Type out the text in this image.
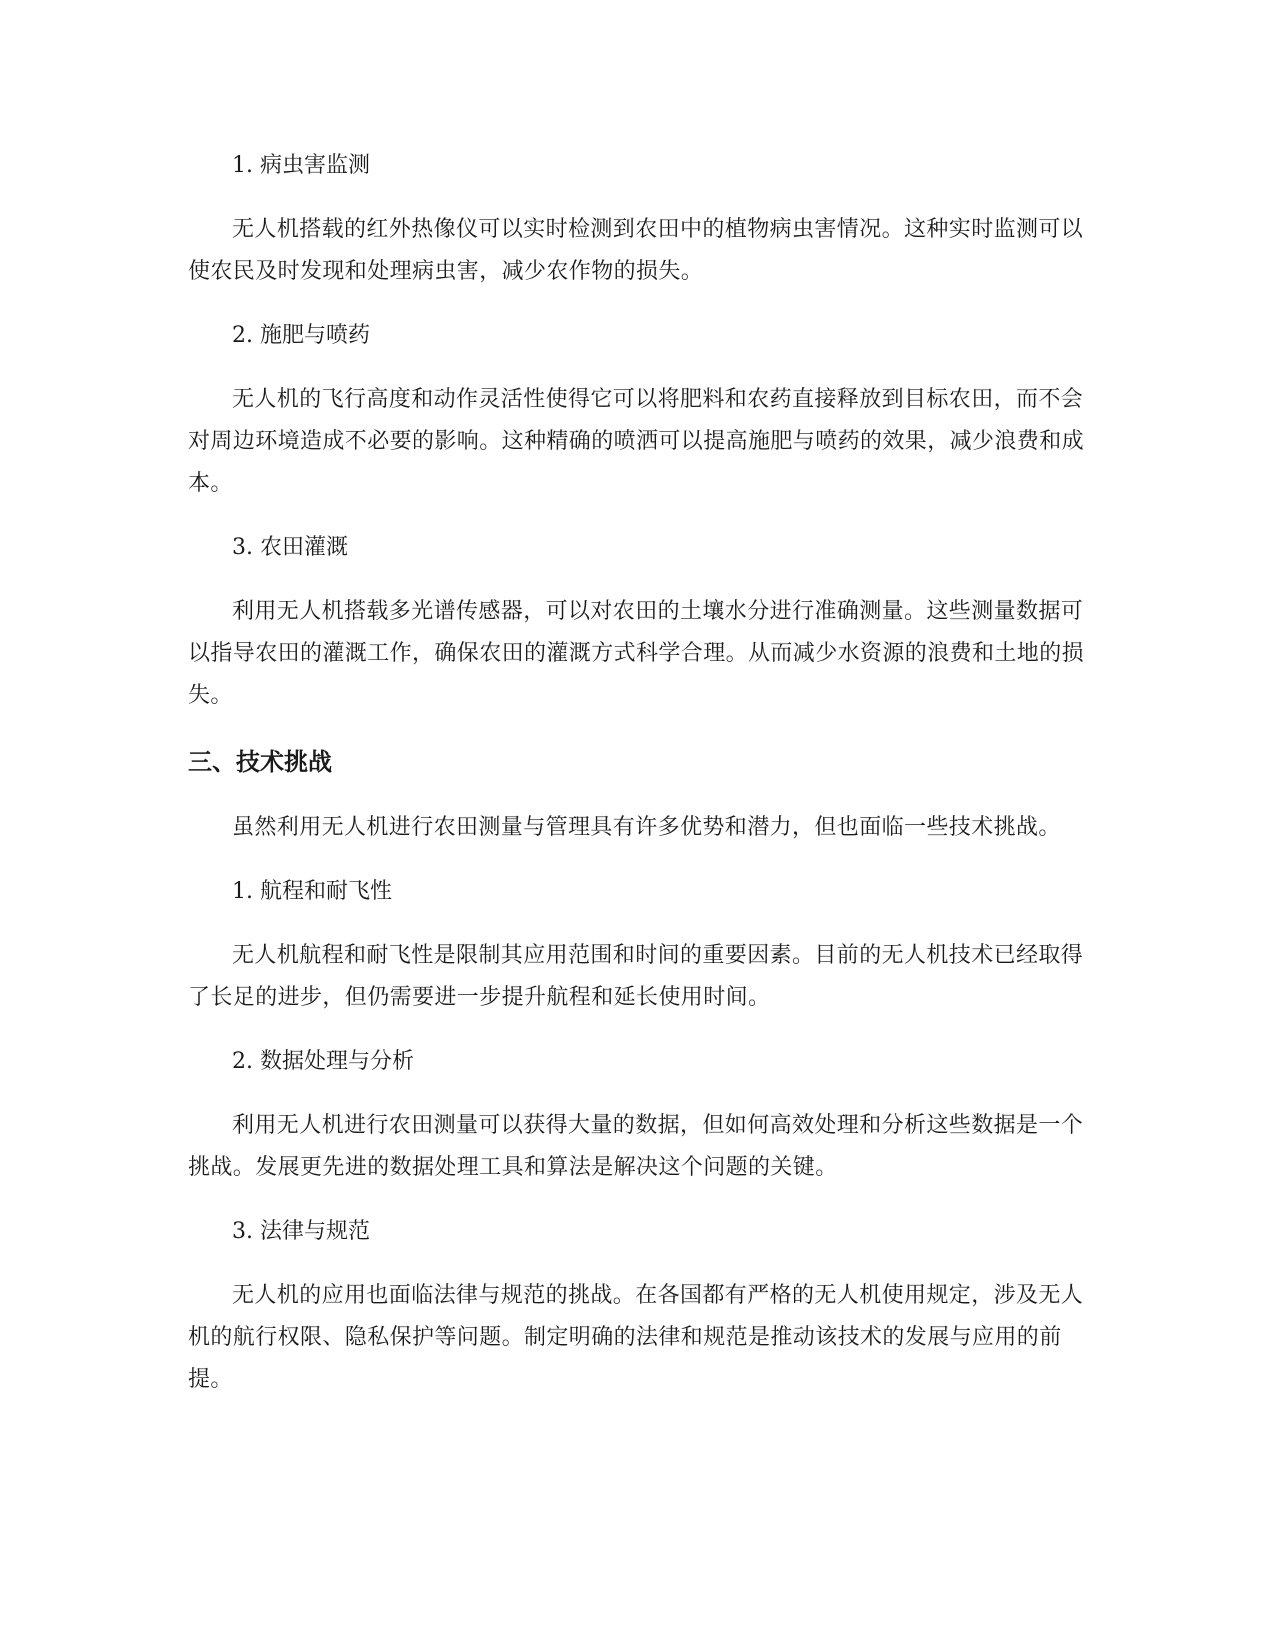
1. 病虫害监测

无人机搭载的红外热像仪可以实时检测到农田中的植物病虫害情况。这种实时监测可以使农民及时发现和处理病虫害，减少农作物的损失。

2. 施肥与喷药

无人机的飞行高度和动作灵活性使得它可以将肥料和农药直接释放到目标农田，而不会对周边环境造成不必要的影响。这种精确的喷洒可以提高施肥与喷药的效果，减少浪费和成本。

3. 农田灌溉

利用无人机搭载多光谱传感器，可以对农田的土壤水分进行准确测量。这些测量数据可以指导农田的灌溉工作，确保农田的灌溉方式科学合理。从而减少水资源的浪费和土地的损失。

三、技术挑战

虽然利用无人机进行农田测量与管理具有许多优势和潜力，但也面临一些技术挑战。

1. 航程和耐飞性

无人机航程和耐飞性是限制其应用范围和时间的重要因素。目前的无人机技术已经取得了长足的进步，但仍需要进一步提升航程和延长使用时间。

2. 数据处理与分析

利用无人机进行农田测量可以获得大量的数据，但如何高效处理和分析这些数据是一个挑战。发展更先进的数据处理工具和算法是解决这个问题的关键。

3. 法律与规范

无人机的应用也面临法律与规范的挑战。在各国都有严格的无人机使用规定，涉及无人机的航行权限、隐私保护等问题。制定明确的法律和规范是推动该技术的发展与应用的前提。
